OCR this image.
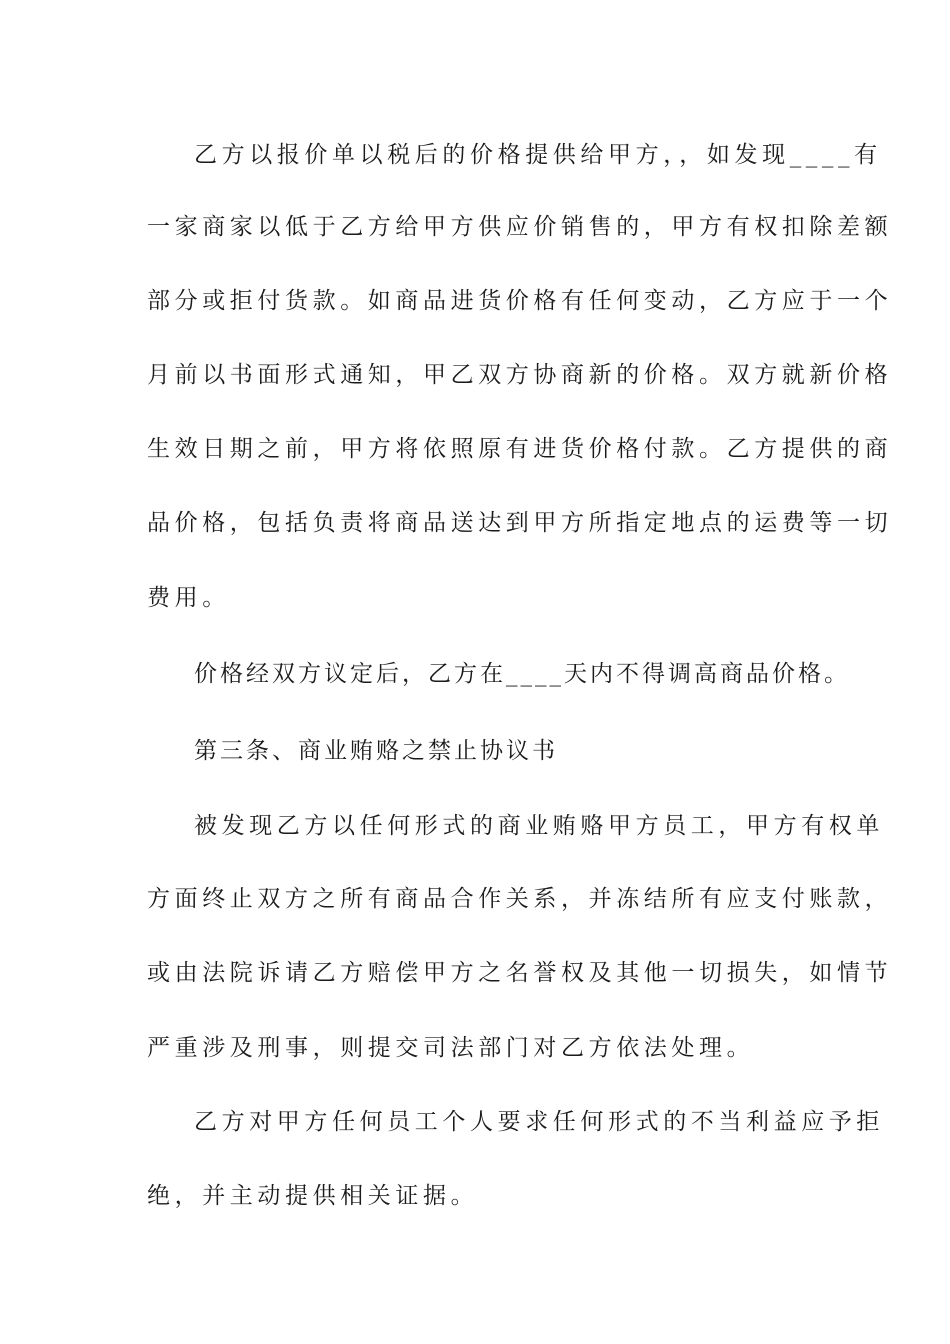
乙方以报价单以税后的价格提供给甲方，，如发现____有
一家商家以低于乙方给甲方供应价销售的，甲方有权扣除差额
部分或拒付货款。如商品进货价格有任何变动，乙方应于一个
月前以书面形式通知，甲乙双方协商新的价格。双方就新价格
生效日期之前，甲方将依照原有进货价格付款。乙方提供的商
品价格，包括负责将商品送达到甲方所指定地点的运费等一切
费用。
价格经双方议定后，乙方在____天内不得调高商品价格。
第三条、商业贿赂之禁止协议书
被发现乙方以任何形式的商业贿赂甲方员工，甲方有权单
方面终止双方之所有商品合作关系，并冻结所有应支付账款，
或由法院诉请乙方赔偿甲方之名誉权及其他一切损失，如情节
严重涉及刑事，则提交司法部门对乙方依法处理。
乙方对甲方任何员工个人要求任何形式的不当利益应予拒
绝，并主动提供相关证据。
